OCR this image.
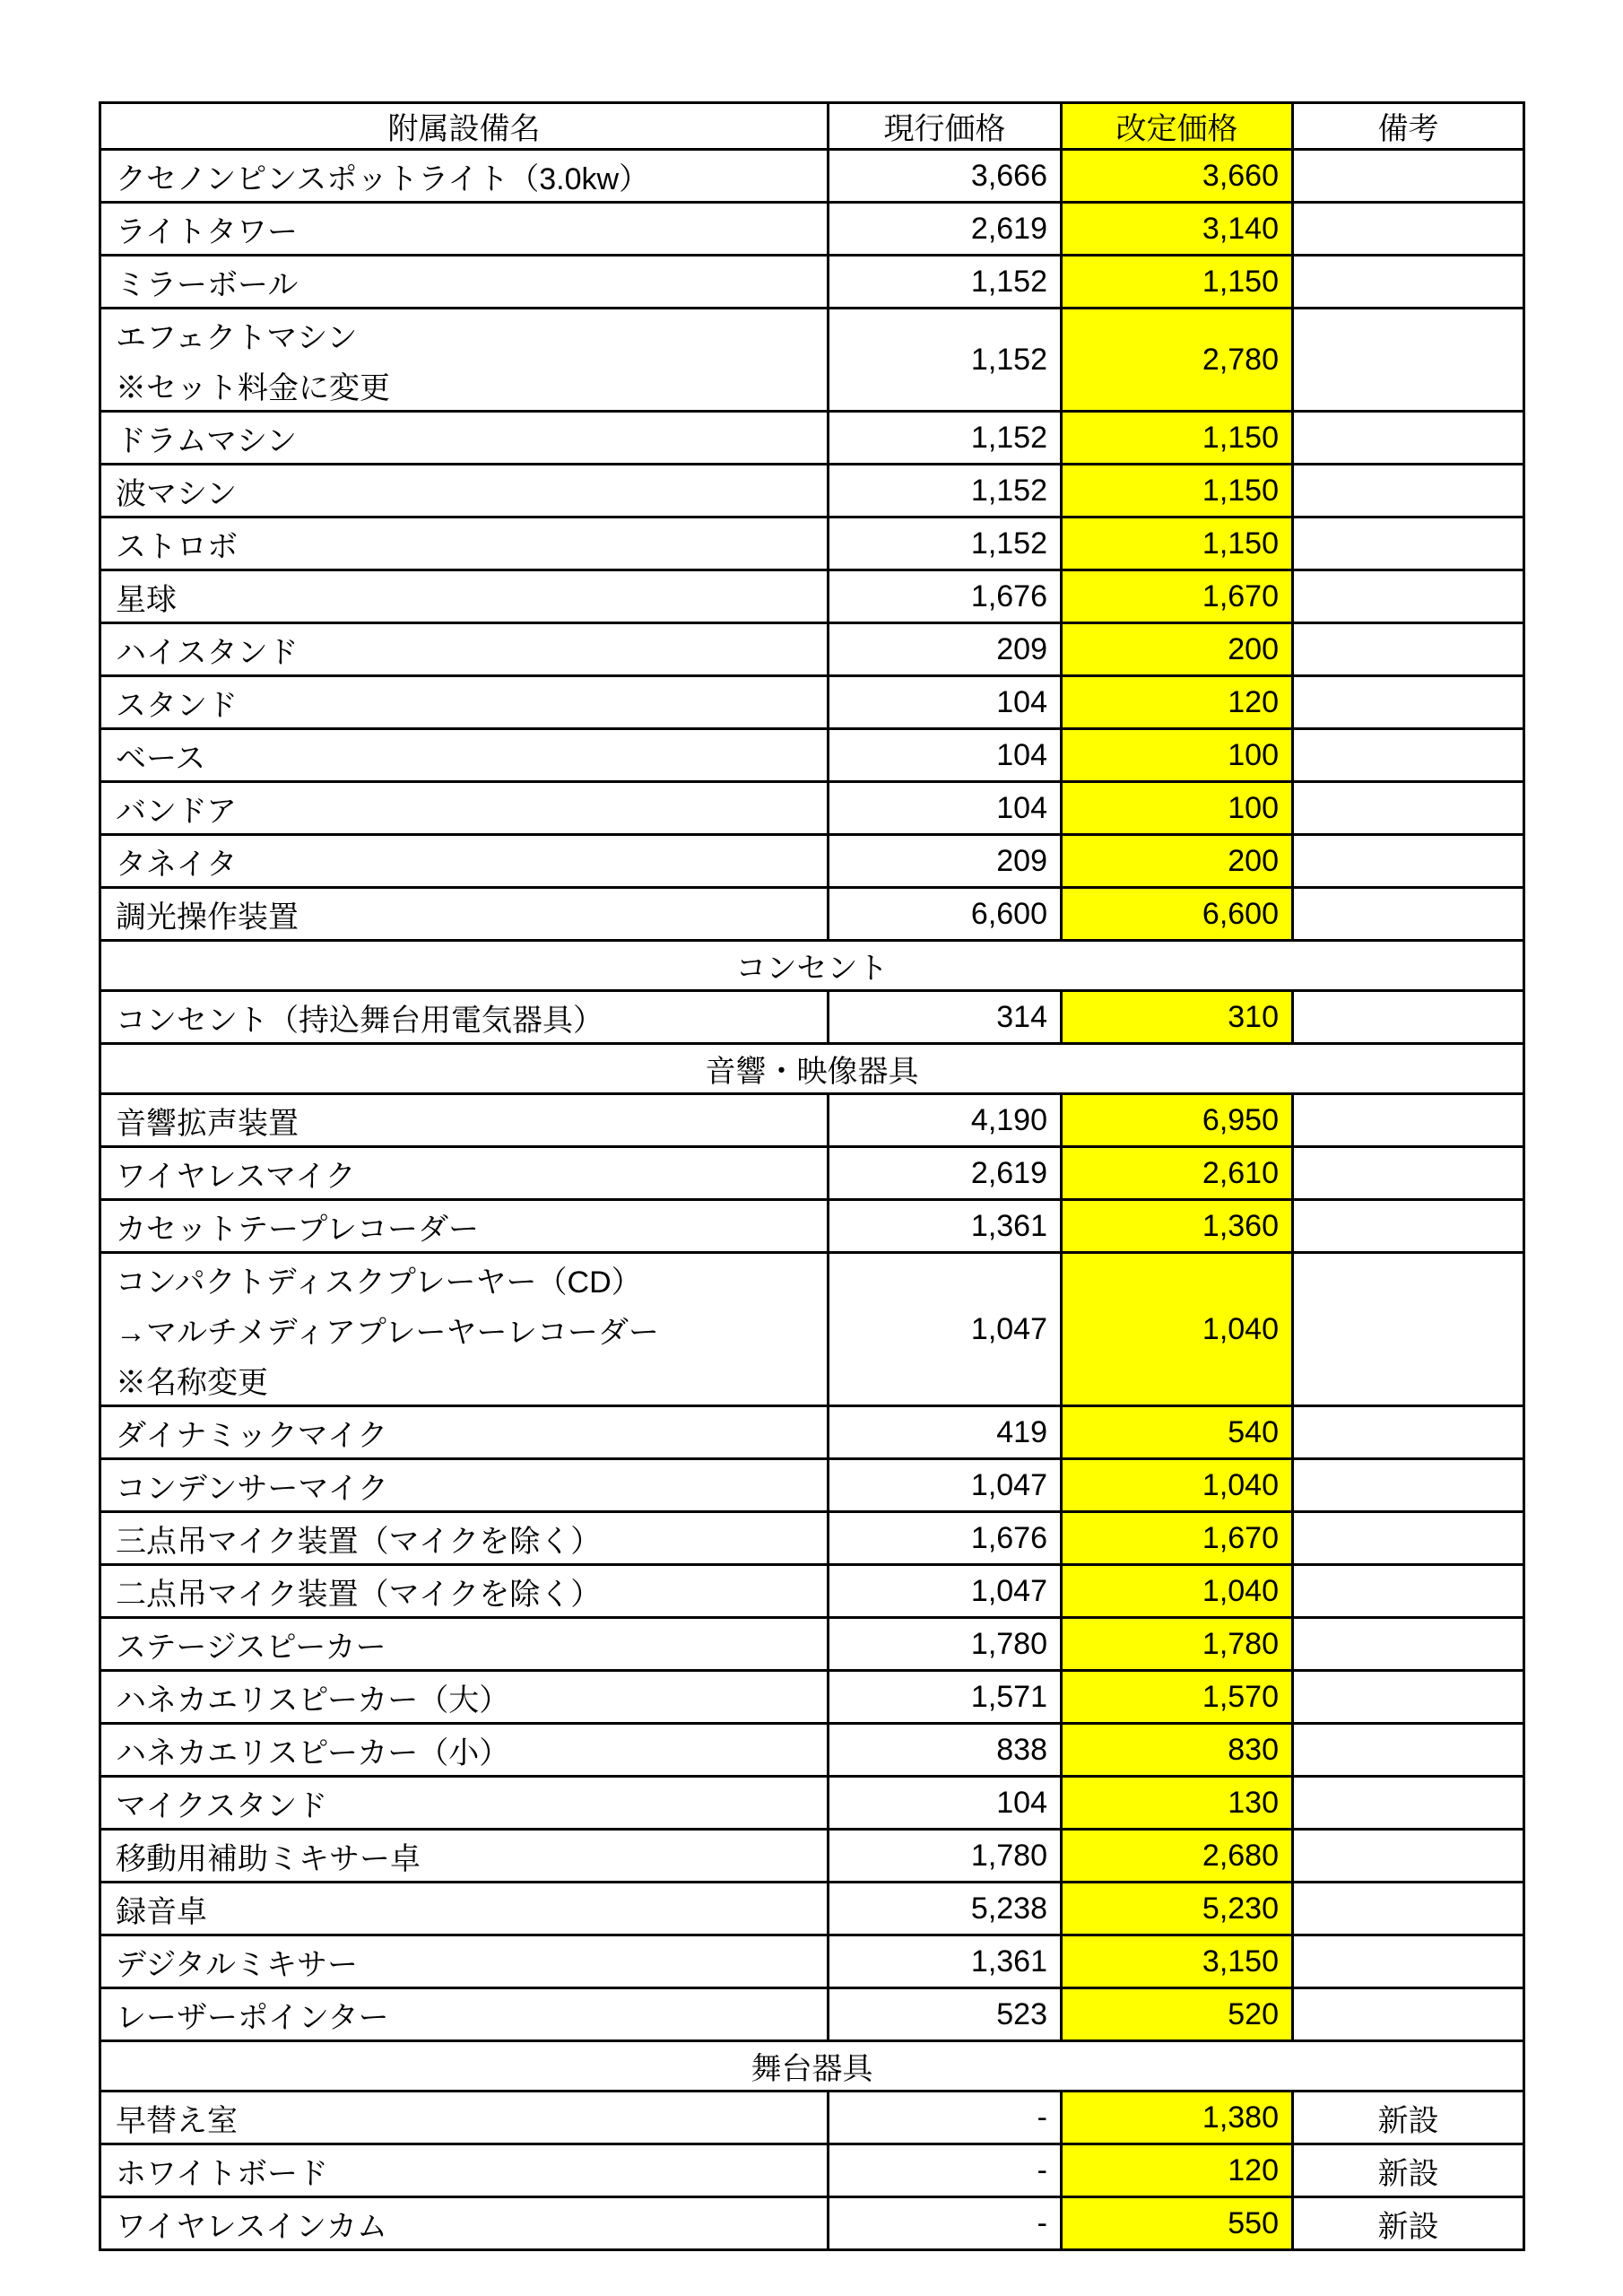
附属設備名	現行価格	改定価格	備考

クセノンピンスポットライト（3.0kw）	3,666	3,660	

ライトタワー	2,619	3,140	

ミラーボール	1,152	1,150	

エフェクトマシン
※セット料金に変更	1,152	2,780	

ドラムマシン	1,152	1,150	

波マシン	1,152	1,150	

ストロボ	1,152	1,150	

星球	1,676	1,670	

ハイスタンド	209	200	

スタンド	104	120	

ベース	104	100	

バンドア	104	100	

タネイタ	209	200	

調光操作装置	6,600	6,600	
コンセント			

コンセント（持込舞台用電気器具）	314	310	
音響・映像器具			

音響拡声装置	4,190	6,950	

ワイヤレスマイク	2,619	2,610	

カセットテープレコーダー	1,361	1,360	

コンパクトディスクプレーヤー（CD）
→マルチメディアプレーヤーレコーダー
※名称変更	1,047	1,040	

ダイナミックマイク	419	540	

コンデンサーマイク	1,047	1,040	

三点吊マイク装置（マイクを除く）	1,676	1,670	

二点吊マイク装置（マイクを除く）	1,047	1,040	

ステージスピーカー	1,780	1,780	

ハネカエリスピーカー（大）	1,571	1,570	

ハネカエリスピーカー（小）	838	830	

マイクスタンド	104	130	

移動用補助ミキサー卓	1,780	2,680	

録音卓	5,238	5,230	

デジタルミキサー	1,361	3,150	

レーザーポインター	523	520	
舞台器具			

早替え室	-	1,380	新設

ホワイトボード	-	120	新設

ワイヤレスインカム	-	550	新設
